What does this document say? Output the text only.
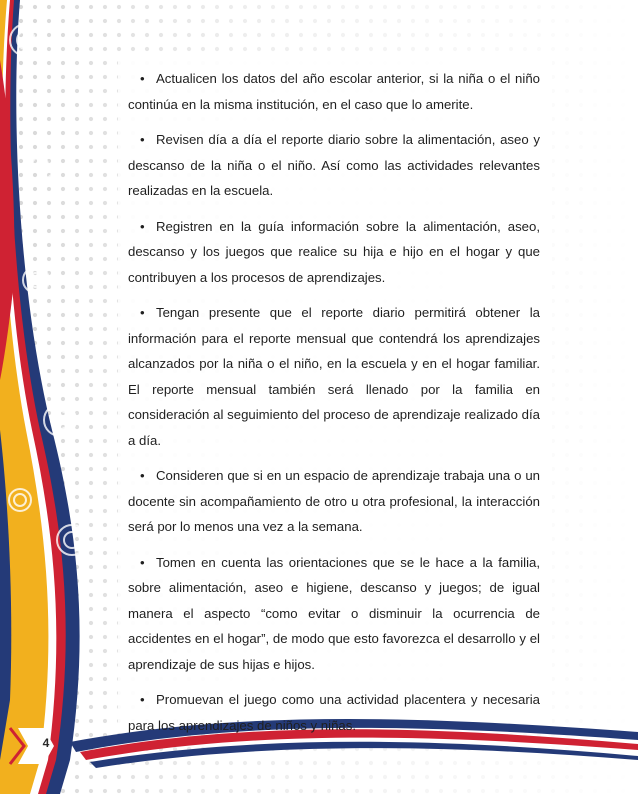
• Actualicen los datos del año escolar anterior, si la niña o el niño continúa en la misma institución, en el caso que lo amerite.

• Revisen día a día el reporte diario sobre la alimentación, aseo y descanso de la niña o el niño. Así como las actividades relevantes realizadas en la escuela.

• Registren en la guía información sobre la alimentación, aseo, descanso y los juegos que realice su hija e hijo en el hogar y que contribuyen a los procesos de aprendizajes.

• Tengan presente que el reporte diario permitirá obtener la información para el reporte mensual que contendrá los aprendizajes alcanzados por la niña o el niño, en la escuela y en el hogar familiar. El reporte mensual también será llenado por la familia en consideración al seguimiento del proceso de aprendizaje realizado día a día.

• Consideren que si en un espacio de aprendizaje trabaja una o un docente sin acompañamiento de otro u otra profesional, la interacción será por lo menos una vez a la semana.

• Tomen en cuenta las orientaciones que se le hace a la familia, sobre alimentación, aseo e higiene, descanso y juegos; de igual manera el aspecto “como evitar o disminuir la ocurrencia de accidentes en el hogar”, de modo que esto favorezca el desarrollo y el aprendizaje de sus hijas e hijos.

• Promuevan el juego como una actividad placentera y necesaria para los aprendizajes de niños y niñas.

4
